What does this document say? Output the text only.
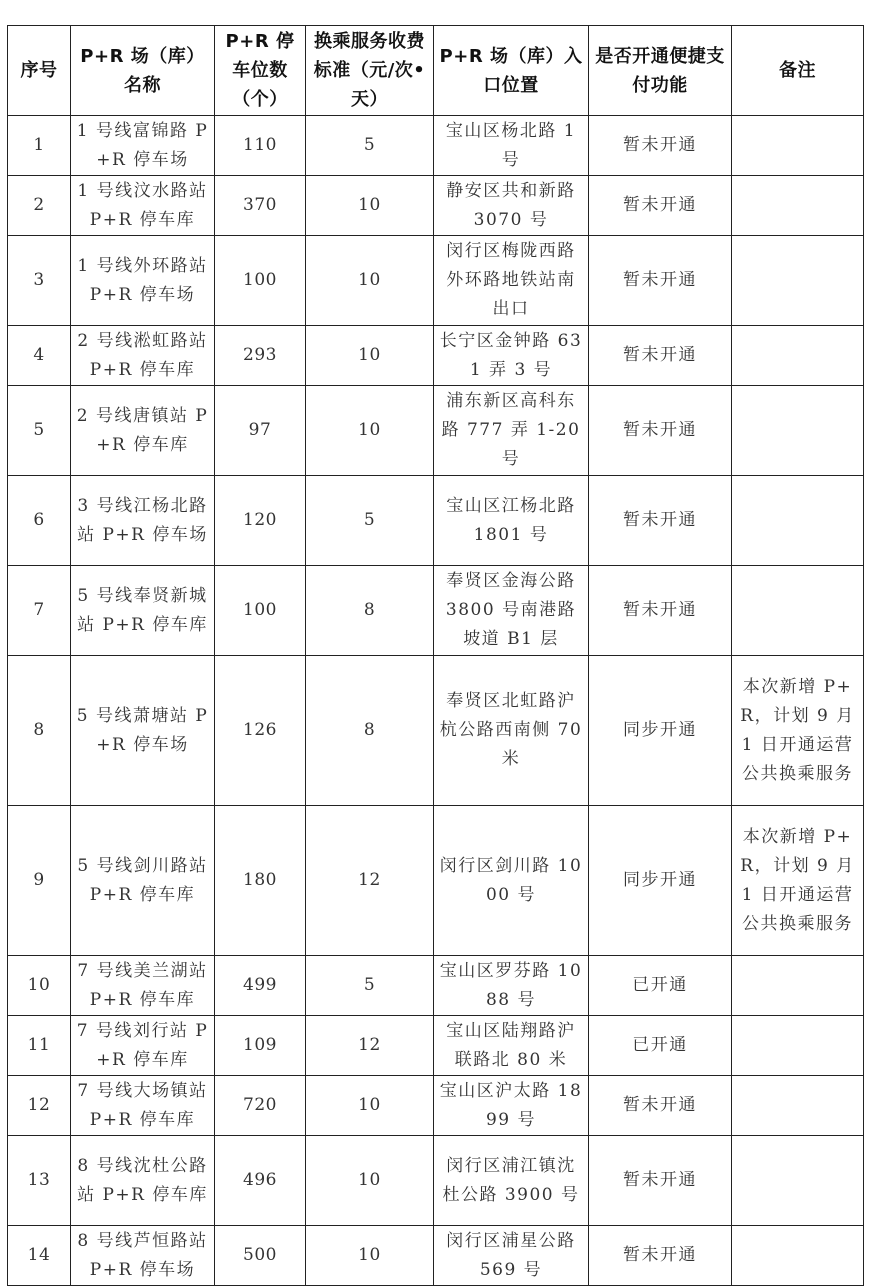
序号	P+R 场（库）名称	P+R 停车位数（个）	换乘服务收费标准（元/次•天）	P+R 场（库）入口位置	是否开通便捷支付功能	备注
1	1 号线富锦路 P+R 停车场	110	5	宝山区杨北路 1 号	暂未开通	
2	1 号线汶水路站 P+R 停车库	370	10	静安区共和新路 3070 号	暂未开通	
3	1 号线外环路站 P+R 停车场	100	10	闵行区梅陇西路外环路地铁站南出口	暂未开通	
4	2 号线淞虹路站 P+R 停车库	293	10	长宁区金钟路 631 弄 3 号	暂未开通	
5	2 号线唐镇站 P+R 停车库	97	10	浦东新区高科东路 777 弄 1-20 号	暂未开通	
6	3 号线江杨北路站 P+R 停车场	120	5	宝山区江杨北路 1801 号	暂未开通	
7	5 号线奉贤新城站 P+R 停车库	100	8	奉贤区金海公路 3800 号南港路坡道 B1 层	暂未开通	
8	5 号线萧塘站 P+R 停车场	126	8	奉贤区北虹路沪杭公路西南侧 70 米	同步开通	本次新增 P+R，计划 9 月 1 日开通运营公共换乘服务
9	5 号线剑川路站 P+R 停车库	180	12	闵行区剑川路 1000 号	同步开通	本次新增 P+R，计划 9 月 1 日开通运营公共换乘服务
10	7 号线美兰湖站 P+R 停车库	499	5	宝山区罗芬路 1088 号	已开通	
11	7 号线刘行站 P+R 停车库	109	12	宝山区陆翔路沪联路北 80 米	已开通	
12	7 号线大场镇站 P+R 停车库	720	10	宝山区沪太路 1899 号	暂未开通	
13	8 号线沈杜公路站 P+R 停车库	496	10	闵行区浦江镇沈杜公路 3900 号	暂未开通	
14	8 号线芦恒路站 P+R 停车场	500	10	闵行区浦星公路 569 号	暂未开通	
